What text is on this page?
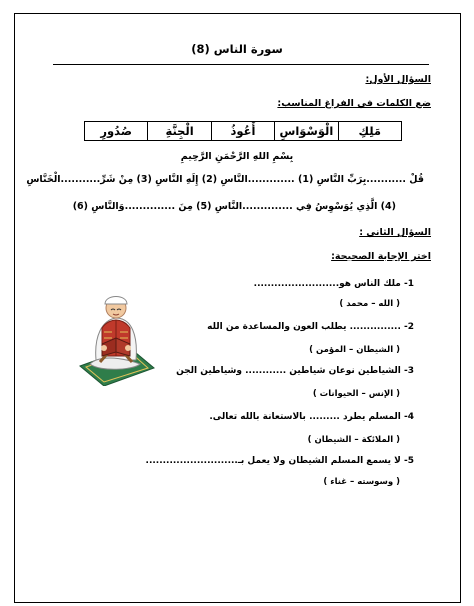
سورة الناس (8)
السؤال الأول:
ضع الكلمات في الفراغ المناسب:
مَلِكِ
الْوَسْوَاسِ
أَعُوذُ
الْجِنَّةِ
صُدُورِ
بِسْمِ اللهِ الرَّحْمَنِ الرَّحِيمِ
قُلْ ...........بِرَبِّ النَّاسِ (1) .............النَّاسِ (2) إِلَهِ النَّاسِ (3) مِنْ شَرِّ...........الْخَنَّاسِ
(4) الَّذِي يُوَسْوِسُ فِي ..............النَّاسِ (5) مِنَ ..............وَالنَّاسِ (6)
السؤال الثاني :
اختر الإجابة الصحيحة:
1- ملك الناس هو.........................
( الله – محمد )
2- ............... يطلب العون والمساعدة من الله
( الشيطان – المؤمن )
3- الشياطين نوعان شياطين ............ وشياطين الجن
( الإنس – الحيوانات )
4- المسلم يطرد ......... بالاستعانة بالله تعالى.
( الملائكة – الشيطان )
5- لا يسمع المسلم الشيطان ولا يعمل بـ...........................
( وسوسته – غناء )
